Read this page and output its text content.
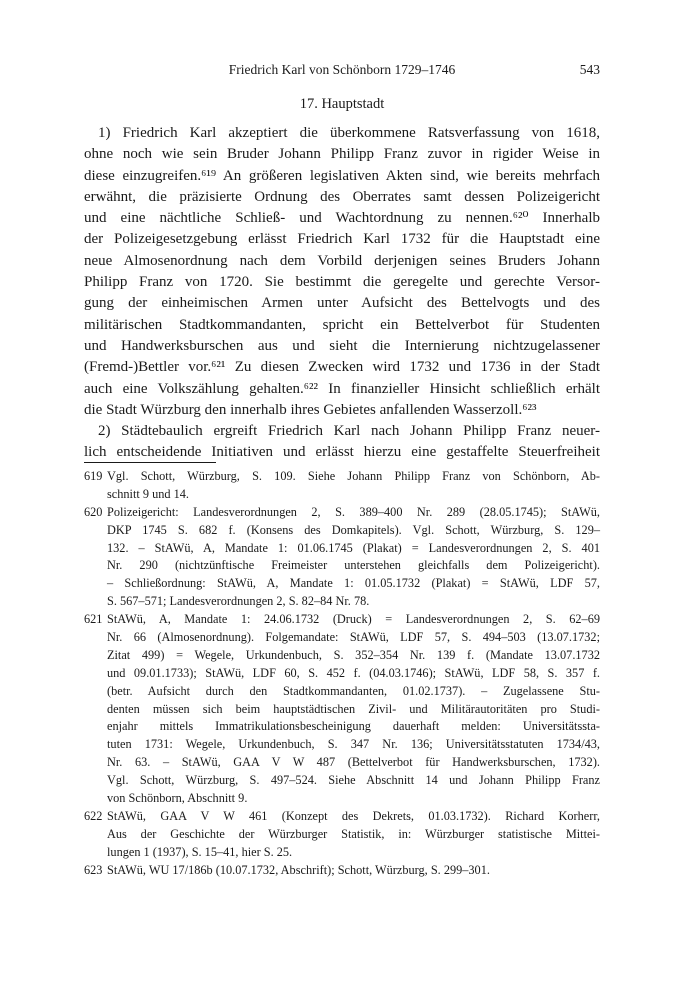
Friedrich Karl von Schönborn 1729–1746	543
17. Hauptstadt
1) Friedrich Karl akzeptiert die überkommene Ratsverfassung von 1618,
ohne noch wie sein Bruder Johann Philipp Franz zuvor in rigider Weise in
diese einzugreifen.⁶¹⁹ An größeren legislativen Akten sind, wie bereits mehrfach
erwähnt, die präzisierte Ordnung des Oberrates samt dessen Polizeigericht
und eine nächtliche Schließ- und Wachtordnung zu nennen.⁶²⁰ Innerhalb
der Polizeigesetzgebung erlässt Friedrich Karl 1732 für die Hauptstadt eine
neue Almosenordnung nach dem Vorbild derjenigen seines Bruders Johann
Philipp Franz von 1720. Sie bestimmt die geregelte und gerechte Versor-
gung der einheimischen Armen unter Aufsicht des Bettelvogts und des
militärischen Stadtkommandanten, spricht ein Bettelverbot für Studenten
und Handwerksburschen aus und sieht die Internierung nichtzugelassener
(Fremd-)Bettler vor.⁶²¹ Zu diesen Zwecken wird 1732 und 1736 in der Stadt
auch eine Volkszählung gehalten.⁶²² In finanzieller Hinsicht schließlich erhält
die Stadt Würzburg den innerhalb ihres Gebietes anfallenden Wasserzoll.⁶²³
2) Städtebaulich ergreift Friedrich Karl nach Johann Philipp Franz neuer-
lich entscheidende Initiativen und erlässt hierzu eine gestaffelte Steuerfreiheit
619 Vgl. Schott, Würzburg, S. 109. Siehe Johann Philipp Franz von Schönborn, Ab-
schnitt 9 und 14.
620 Polizeigericht: Landesverordnungen 2, S. 389–400 Nr. 289 (28.05.1745); StAWü,
DKP 1745 S. 682 f. (Konsens des Domkapitels). Vgl. Schott, Würzburg, S. 129–
132. – StAWü, A, Mandate 1: 01.06.1745 (Plakat) = Landesverordnungen 2, S. 401
Nr. 290 (nichtzünftische Freimeister unterstehen gleichfalls dem Polizeigericht).
– Schließordnung: StAWü, A, Mandate 1: 01.05.1732 (Plakat) = StAWü, LDF 57,
S. 567–571; Landesverordnungen 2, S. 82–84 Nr. 78.
621 StAWü, A, Mandate 1: 24.06.1732 (Druck) = Landesverordnungen 2, S. 62–69
Nr. 66 (Almosenordnung). Folgemandate: StAWü, LDF 57, S. 494–503 (13.07.1732;
Zitat 499) = Wegele, Urkundenbuch, S. 352–354 Nr. 139 f. (Mandate 13.07.1732
und 09.01.1733); StAWü, LDF 60, S. 452 f. (04.03.1746); StAWü, LDF 58, S. 357 f.
(betr. Aufsicht durch den Stadtkommandanten, 01.02.1737). – Zugelassene Stu-
denten müssen sich beim hauptstädtischen Zivil- und Militärautoritäten pro Studi-
enjahr mittels Immatrikulationsbescheinigung dauerhaft melden: Universitätssta-
tuten 1731: Wegele, Urkundenbuch, S. 347 Nr. 136; Universitätsstatuten 1734/43,
Nr. 63. – StAWü, GAA V W 487 (Bettelverbot für Handwerksburschen, 1732).
Vgl. Schott, Würzburg, S. 497–524. Siehe Abschnitt 14 und Johann Philipp Franz
von Schönborn, Abschnitt 9.
622 StAWü, GAA V W 461 (Konzept des Dekrets, 01.03.1732). Richard Korherr,
Aus der Geschichte der Würzburger Statistik, in: Würzburger statistische Mittei-
lungen 1 (1937), S. 15–41, hier S. 25.
623 StAWü, WU 17/186b (10.07.1732, Abschrift); Schott, Würzburg, S. 299–301.
